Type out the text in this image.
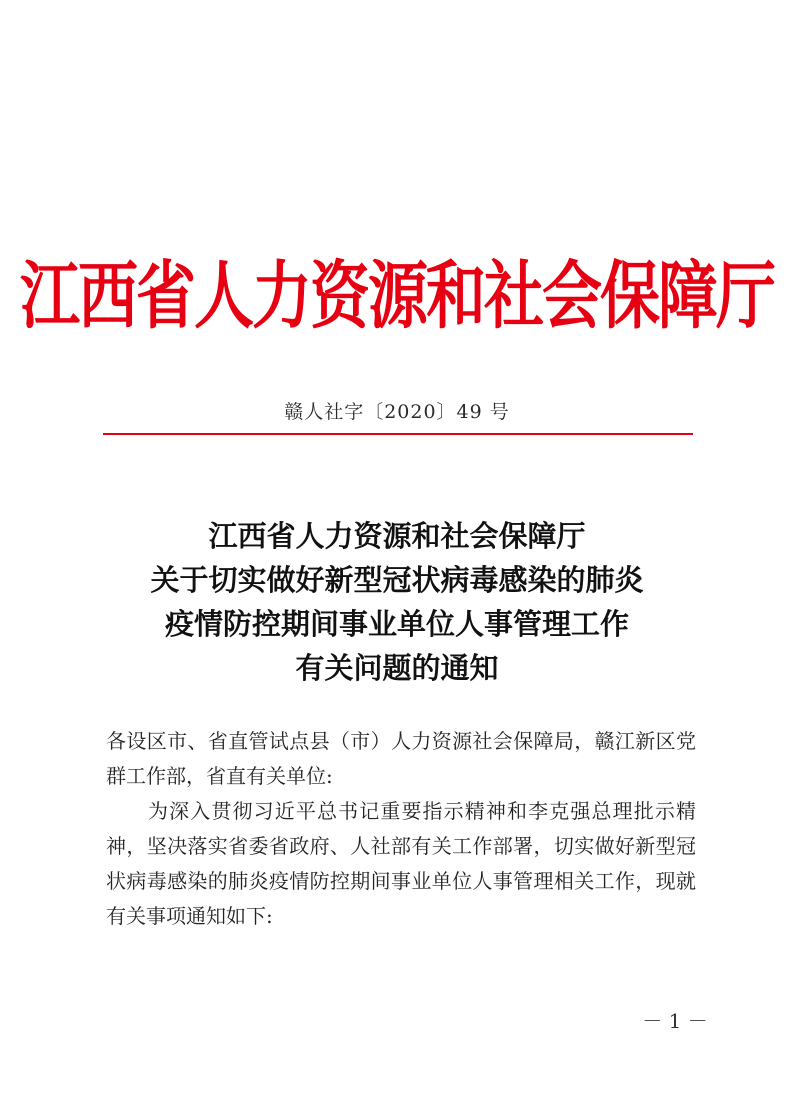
江西省人力资源和社会保障厅
赣人社字〔2020〕49 号
江西省人力资源和社会保障厅
关于切实做好新型冠状病毒感染的肺炎
疫情防控期间事业单位人事管理工作
有关问题的通知

各设区市、省直管试点县（市）人力资源社会保障局，赣江新区党群工作部，省直有关单位:

为深入贯彻习近平总书记重要指示精神和李克强总理批示精神，坚决落实省委省政府、人社部有关工作部署，切实做好新型冠状病毒感染的肺炎疫情防控期间事业单位人事管理相关工作，现就有关事项通知如下:

－ 1 －
